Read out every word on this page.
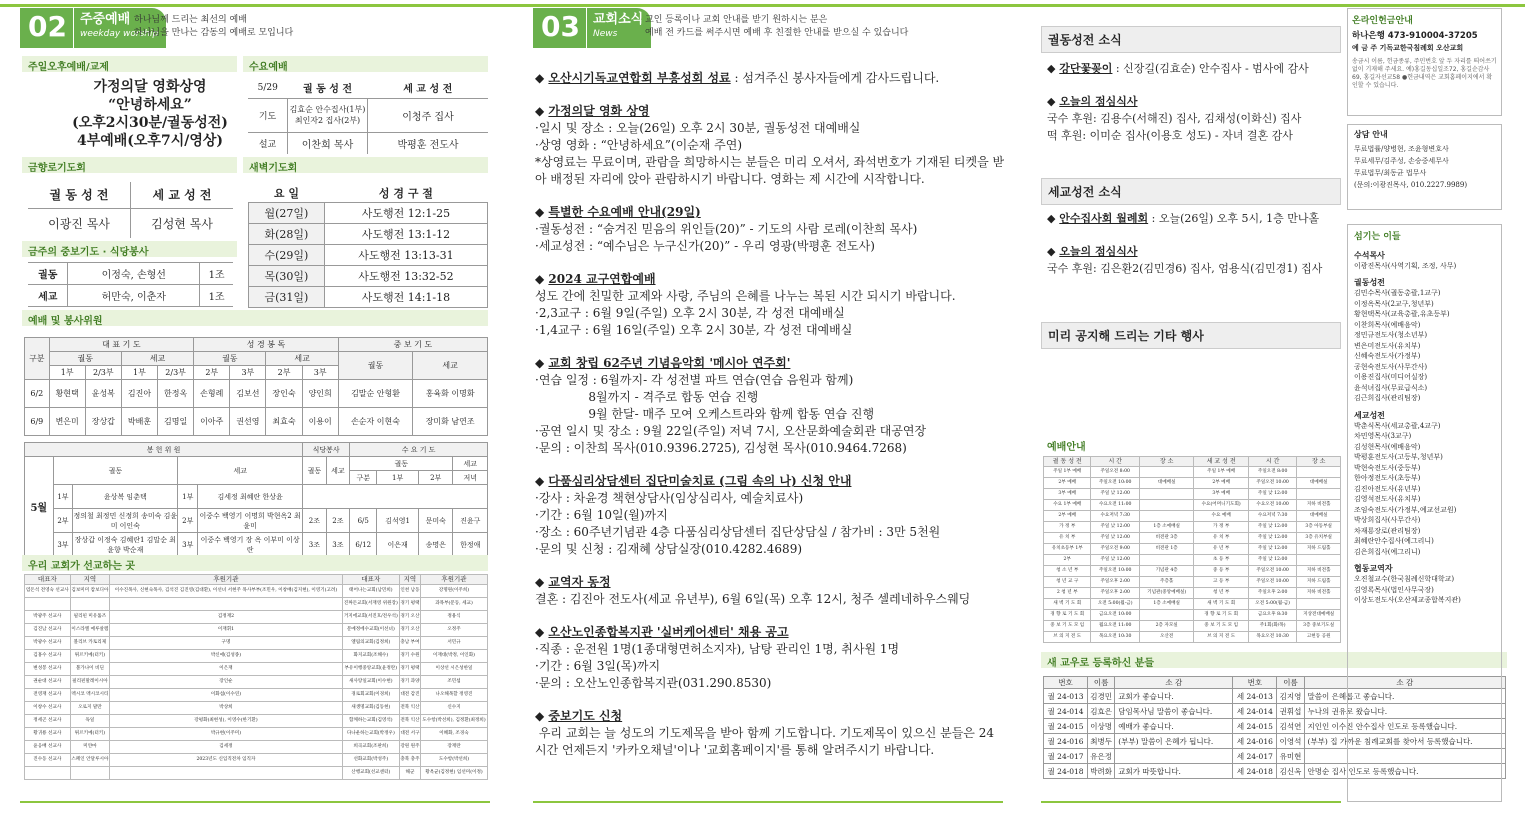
02	주중예배
weekday worship
하나님께 드리는 최선의 예배
하나님을 만나는 감동의 예배로 모입니다
주일오후예배/교제
가정의달 영화상영
“안녕하세요”
(오후2시30분/궐동성전)
4부예배(오후7시/영상)
수요예배
5/29	궐 동 성 전	세 교 성 전
기도	김효순 안수집사(1부) 최인자2 집사(2부)	이청주 집사
설교	이찬희 목사	박평훈 전도사
금향로기도회
궐 동 성 전	세 교 성 전
이광진 목사	김성현 목사
새벽기도회
요 일	성 경 구 절
월(27일)	사도행전 12:1-25
화(28일)	사도행전 13:1-12
수(29일)	사도행전 13:13-31
목(30일)	사도행전 13:32-52
금(31일)	사도행전 14:1-18
금주의 중보기도 · 식당봉사
궐동	이정숙, 손형선	1조
세교	허만숙, 이춘자	1조
예배 및 봉사위원
구분	대 표 기 도				성 경 봉 독				중 보 기 도	
	궐동		세교		궐동		세교		궐동	세교
	1부	2/3부	1부	2/3부	2부	3부	2부	3부		
6/2	황현택	윤성복	김진아	한정옥	손형례	김보선	장인숙	양인희	김말순 안형환	홍육화 이명화
6/9	변은미	장상갑	박배훈	김명일	이아주	권선영	최효숙	이용이	손순자 이현숙	장미화 남연조
봉 헌 위 원					식당봉사		수 요 기 도			
5월	궐동		세교		궐동	세교	궐동			세교
							구분	1부	2부	저녁
	1부	윤상복 임춘택	1부	김세정 최혜란 한상윤						
	2부	정의철 최정민 신정희 송미숙 김윤미 이인숙	2부	이중수 백영기 이명희 박현옥2 최윤미	2조	2조	6/5	김석영1	문미숙	진윤구
	3부	장상갑 이정숙 김혜란1 김말순 최윤향 박순재	3부	이중수 백영기 장 옥 이부미 이상란	3조	3조	6/12	이은재	송명은	한정애
우리 교회가 선교하는 곳
대표자	지역	후원기관	대표자	지역	후원기관
염돈석 전영숙 선교사	김보미미 캄보디아	이수진목사, 신현숙목사, 김석진 김진영(김대환), 이선녀 서현주 목사부부(조민우, 이창배(김지현), 이영기(고려)	태어나는교회(남민희)	인천 남동	강명원(이주희)
			진짜돈교회(서재영 위원장)	경기 평택	과목부(문동, 세교)
박광주 선교사	필리핀 미유툴즈	김정재2	거지에교회(서진호/전우석)	경기 오산	정용식
김진남 선교사	이스라엘 예루살렘	이재휘1	문예정에수교회(이선녀)	경기 오산	오정주
박광수 선교사	볼리브 카토리제	구명	엘림의교회(김정희)	충남 부여	서민규
김홍수 선교사	튀르키예(터키)	박신애(김성종)	화지교회(조해수)	경기 수원	이재대(박정, 이인화)
변성봉 선교사	볼가나이 비딘	이은재	부유이행중앙교회(윤정란)	경기 평택	이상선 시은성한일
권순대 선교사	필리핀말레이시아	장인순	새사랑일교회(이수현)	경기 과양	조민섭
전영재 선교사	멕시코 멕시코시티	이화섭(이수연)	경로회교회(이경희)	대전 감진	나오해목할 정영진
이창수 선교사	오로지 말만	박상희	새생명교회(김동현)	전북 익산	신수지
정세곤 선교사	독일	강평화(최현성), 이영수(한기환)	함께하는교회(김영석)	전북 익산	도수항(박선희), 김정환(최정희)
황귀룡 선교사	튀르키예(터키)	박규현(이주미)	다나운하는교회(박정우)	대전 서구	이혜화, 조경숙
윤응배 선교사	미얀마	김세정	희곡교회(조판희)	강원 원주	장재란
진수동 선교사	스페인 안달루시아	2023년도 신입직전차 임직자	선화교회(박성주)	충북 충주	도수항(박선희)
			산행교회(선교센터)	해군	황옥균(김정현) 임선미(이정)
03	교회소식
News
교인 등록이나 교회 안내를 받기 원하시는 분은
예배 전 카드를 써주시면 예배 후 친절한 안내를 받으실 수 있습니다

◆ 오산시기독교연합회 부흥성회 성료 : 섬겨주신 봉사자들에게 감사드립니다.

◆ 가정의달 영화 상영

·일시 및 장소 : 오늘(26일) 오후 2시 30분, 궐동성전 대예배실

·상영 영화 : “안녕하세요”(이순재 주연)

*상영료는 무료이며, 관람을 희망하시는 분들은 미리 오셔서, 좌석번호가 기재된 티켓을 받

아 배정된 자리에 앉아 관람하시기 바랍니다. 영화는 제 시간에 시작합니다.

◆ 특별한 수요예배 안내(29일)

·궐동성전 : “숨겨진 믿음의 위인들(20)” - 기도의 사람 로레(이찬희 목사)

·세교성전 : “예수님은 누구신가(20)” - 우리 영광(박평훈 전도사)

◆ 2024 교구연합예배

성도 간에 친밀한 교제와 사랑, 주님의 은혜를 나누는 복된 시간 되시기 바랍니다.

·2,3교구 : 6월 9일(주일) 오후 2시 30분, 각 성전 대예배실

·1,4교구 : 6월 16일(주일) 오후 2시 30분, 각 성전 대예배실

◆ 교회 창립 62주년 기념음악회 '메시아 연주회'

·연습 일정 : 6월까지- 각 성전별 파트 연습(연습 음원과 함께)

8월까지 - 격주로 합동 연습 진행

9월 한달- 매주 모여 오케스트라와 함께 합동 연습 진행

·공연 일시 및 장소 : 9월 22일(주일) 저녁 7시, 오산문화예술회관 대공연장

·문의 : 이찬희 목사(010.9396.2725), 김성현 목사(010.9464.7268)

◆ 다품심리상담센터 집단미술치료 (그림 속의 나) 신청 안내

·강사 : 차윤경 책현상담사(임상심리사, 예술치료사)

·기간 : 6월 10일(월)까지

·장소 : 60주년기념관 4층 다품심리상담센터 집단상담실 / 참가비 : 3만 5천원

·문의 및 신청 : 김재혜 상담실장(010.4282.4689)

◆ 교역자 동정

결혼 : 김진아 전도사(세교 유년부), 6월 6일(목) 오후 12시, 청주 셀레네하우스웨딩

◆ 오산노인종합복지관 '실버케어센터' 채용 공고

·직종 : 운전원 1명(1종대형면허소지자), 남탕 관리인 1명, 취사원 1명

·기간 : 6월 3일(목)까지

·문의 : 오산노인종합복지관(031.290.8530)

◆ 중보기도 신청

우리 교회는 늘 성도의 기도제목을 받아 함께 기도합니다. 기도제목이 있으신 분들은 24

시간 언제든지 '카카오채널'이나 '교회홈페이지'를 통해 알려주시기 바랍니다.

궐동성전 소식

◆ 강단꽃꽂이 : 신장길(김효순) 안수집사 - 범사에 감사

◆ 오늘의 점심식사

국수 후원: 김용수(서해진) 집사, 김채성(이화신) 집사

떡 후원: 이미순 집사(이용호 성도) - 자녀 결혼 감사

세교성전 소식

◆ 안수집사회 월례회 : 오늘(26일) 오후 5시, 1층 만나홀

◆ 오늘의 점심식사

국수 후원: 김은환2(김민경6) 집사, 엄용식(김민경1) 집사

미리 공지해 드리는 기타 행사
예배안내
궐 동 성 전	시 간	장 소	세 교 성 전	시 간	장 소
주일 1부 예배	주일오전 8:00		주일 1부 예배	주일오전 8:00	
2부 예배	주일오전 10:00	대예배실	2부 예배	주일오전 10:00	대예배실
3부 예배	주일 낮 12:00		3부 예배	주일 낮 12:00	
수요 1부 예배	수요오전 11:00		수요(어머니기도회)	수요오전 10:00	지하 비전홀
2부 예배	수요저녁 7:30		수요 예배	수요저녁 7:30	대예배실
가 정 부	주일 낮 12:00	1층 소예배실	가 정 부	주일 낮 12:00	3층 아동부실
유 치 부	주일 낮 12:00	비전관 3층	유 치 부	주일 낮 12:00	3층 유치부실
유치초등부 1부	주일오전 9:00	비전관 1층	유 년 부	주일 낮 12:00	지하 드림홀
2부	주일 낮 12:00		초 등 부	주일 낮 12:00	
청 소 년 부	주일오전 10:00	기념관 4층	중 등 부	주일오전 10:00	지하 비전홀
청 년 교 구	주일오후 2:00	주층홀	고 등 부	주일오전 10:00	지하 드림홀
2 청 년 부	주일오후 2:00	기념관(중앙예배실)	청 년 부	주일오후 2:00	지하 비전홀
새 벽 기 도 회	오전 5:00(월-금)	1층 소예배실	새 벽 기 도 회	오전 5:00(월-금)	
경 향 로 기 도 회	금요오전 10:00		경 향 로 기 도 회	금요오후 8:30	지상전대예배실
중 보 기 도 모 임	월요오전 11:00	2층 자모실	중 보 기 도 모 임	주1회(화/목)	3층 중보기도실
브 의 지 전 도	목요오전 10:30	오산전	브 의 지 전 도	목요오전 10:30	고현동 공원
새 교우로 등록하신 분들
번호	이름	소 감	번호	이름	소 감
궐 24-013	김경민	교회가 좋습니다.	세 24-013	김지영	말씀이 은혜롭고 좋습니다.
궐 24-014	김효은	담임목사님 말씀이 좋습니다.	세 24-014	권휘섭	누나의 권유로 왔습니다.
궐 24-015	이상명	예배가 좋습니다.	세 24-015	김석연	지인인 이수진 안수집사 인도로 등록했습니다.
궐 24-016	최병두	(부부) 말씀이 은혜가 됩니다.	세 24-016	이영석	(부부) 집 가까운 침례교회를 찾아서 등록했습니다.
궐 24-017	유은정		세 24-017	유미현	
궐 24-018	박려화	교회가 따뜻합니다.	세 24-018	김신옥	안명순 집사 인도로 등록했습니다.
온라인헌금안내
하나은행 473-910004-37205
예 금 주 기독교한국침례회 오산교회
송금시 이름, 헌금종류, 주민번호 앞 두 자리를 띄어쓰기 없이 기재해 주세요. 예)홍길동십일조72, 홍길순감사69, 홍길자선교58 ●헌금내역은 교회홈페이지에서 확인할 수 있습니다.
상담 안내
무료법률/양병현, 조윤형변호사
무료세무/김주성, 손승중세무사
무료법무/최동균 법무사
(문의:이광진목사, 010.2227.9989)
섬기는 이들
수석목사
이광진목사(사역기획, 조정, 사무)
궐동성전
김민수목사(궐동총괄,1교구)
이정옥목사(2교구,청년부)
황현택목사(교육총괄,유초등부)
이찬희목사(예배음악)
정민규전도사(청소년부)
변은미전도사(유치부)
신혜숙전도사(가정부)
공현숙전도사(사무간사)
이용진집사(미디어실장)
윤석녀집사(무료급식소)
김근희집사(관리팀장)
세교성전
박춘식목사(세교총괄,4교구)
차민영목사(3교구)
김성현목사(예배음악)
박평훈전도사(고등부,청년부)
박현숙전도사(중등부)
한아정전도사(초등부)
김진아전도사(유년부)
김영석전도사(유치부)
조임숙전도사(가정부,예교선교원)
박상희집사(사무간사)
차재룡장로(관리팀장)
최혜란안수집사(예그리니)
김은희집사(예그리니)
협동교역자
오진철교수(한국침례신학대학교)
김영록목사(법인사무국장)
이상도전도사(오산제교종합복지관)
